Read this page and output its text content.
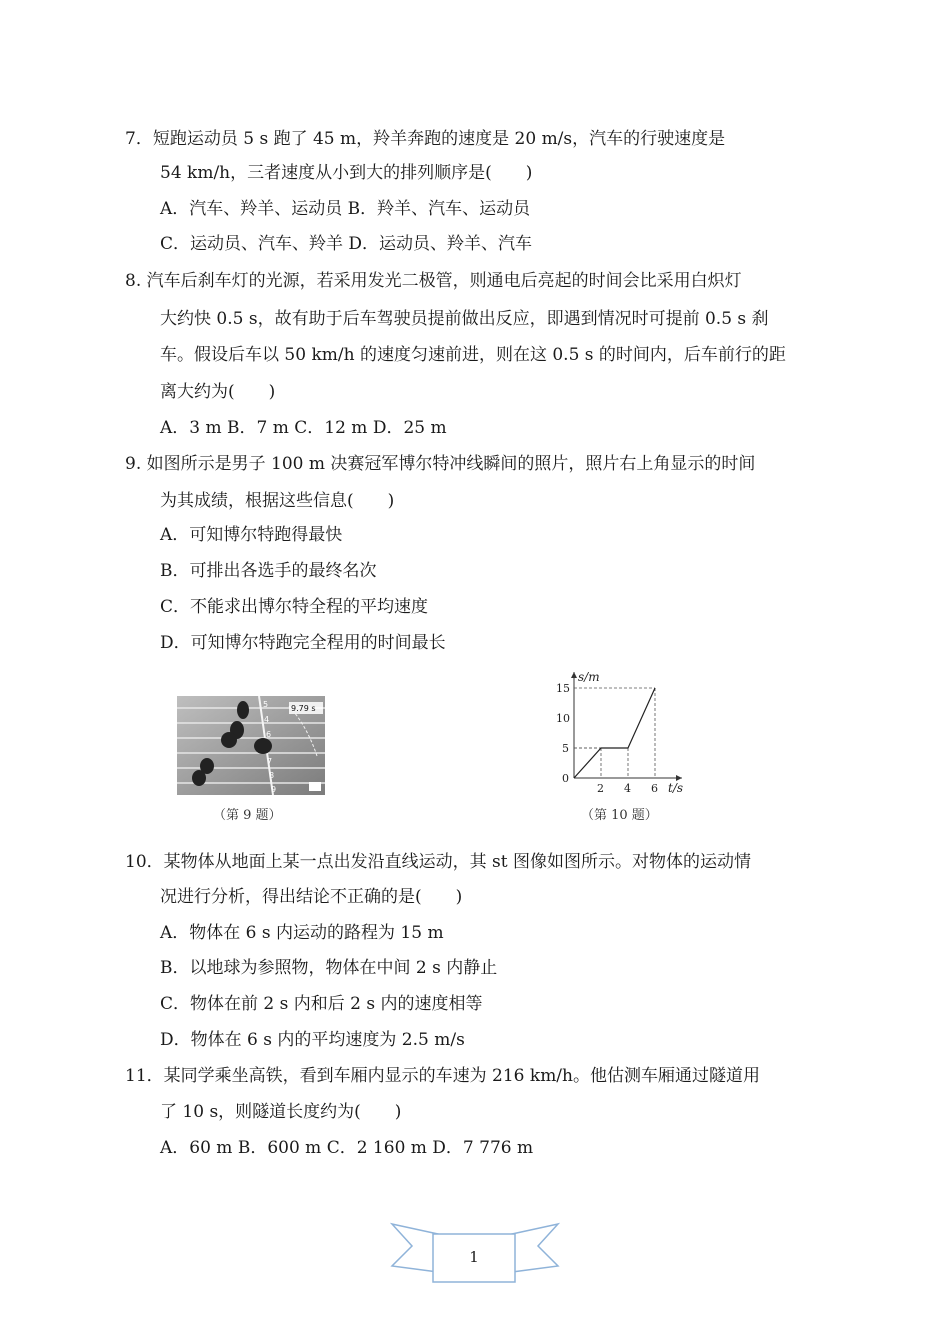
7．短跑运动员 5 s 跑了 45 m，羚羊奔跑的速度是 20 m/s，汽车的行驶速度是
54 km/h，三者速度从小到大的排列顺序是(　　)
A．汽车、羚羊、运动员 B．羚羊、汽车、运动员
C．运动员、汽车、羚羊 D．运动员、羚羊、汽车
8. 汽车后刹车灯的光源，若采用发光二极管，则通电后亮起的时间会比采用白炽灯
大约快 0.5 s，故有助于后车驾驶员提前做出反应，即遇到情况时可提前 0.5 s 刹
车。假设后车以 50 km/h 的速度匀速前进，则在这 0.5 s 的时间内，后车前行的距
离大约为(　　)
A．3 m B．7 m C．12 m D．25 m
9. 如图所示是男子 100 m 决赛冠军博尔特冲线瞬间的照片，照片右上角显示的时间
为其成绩，根据这些信息(　　)
A．可知博尔特跑得最快
B．可排出各选手的最终名次
C．不能求出博尔特全程的平均速度
D．可知博尔特跑完全程用的时间最长
5
4
6
7
8
9
9.79 s
（第 9 题）
2 4 6
0
5
10
15
s/m
t/s
（第 10 题）
10．某物体从地面上某一点出发沿直线运动，其 st 图像如图所示。对物体的运动情
况进行分析，得出结论不正确的是(　　)
A．物体在 6 s 内运动的路程为 15 m
B．以地球为参照物，物体在中间 2 s 内静止
C．物体在前 2 s 内和后 2 s 内的速度相等
D．物体在 6 s 内的平均速度为 2.5 m/s
11．某同学乘坐高铁，看到车厢内显示的车速为 216 km/h。他估测车厢通过隧道用
了 10 s，则隧道长度约为(　　)
A．60 m B．600 m C．2 160 m D．7 776 m
1
